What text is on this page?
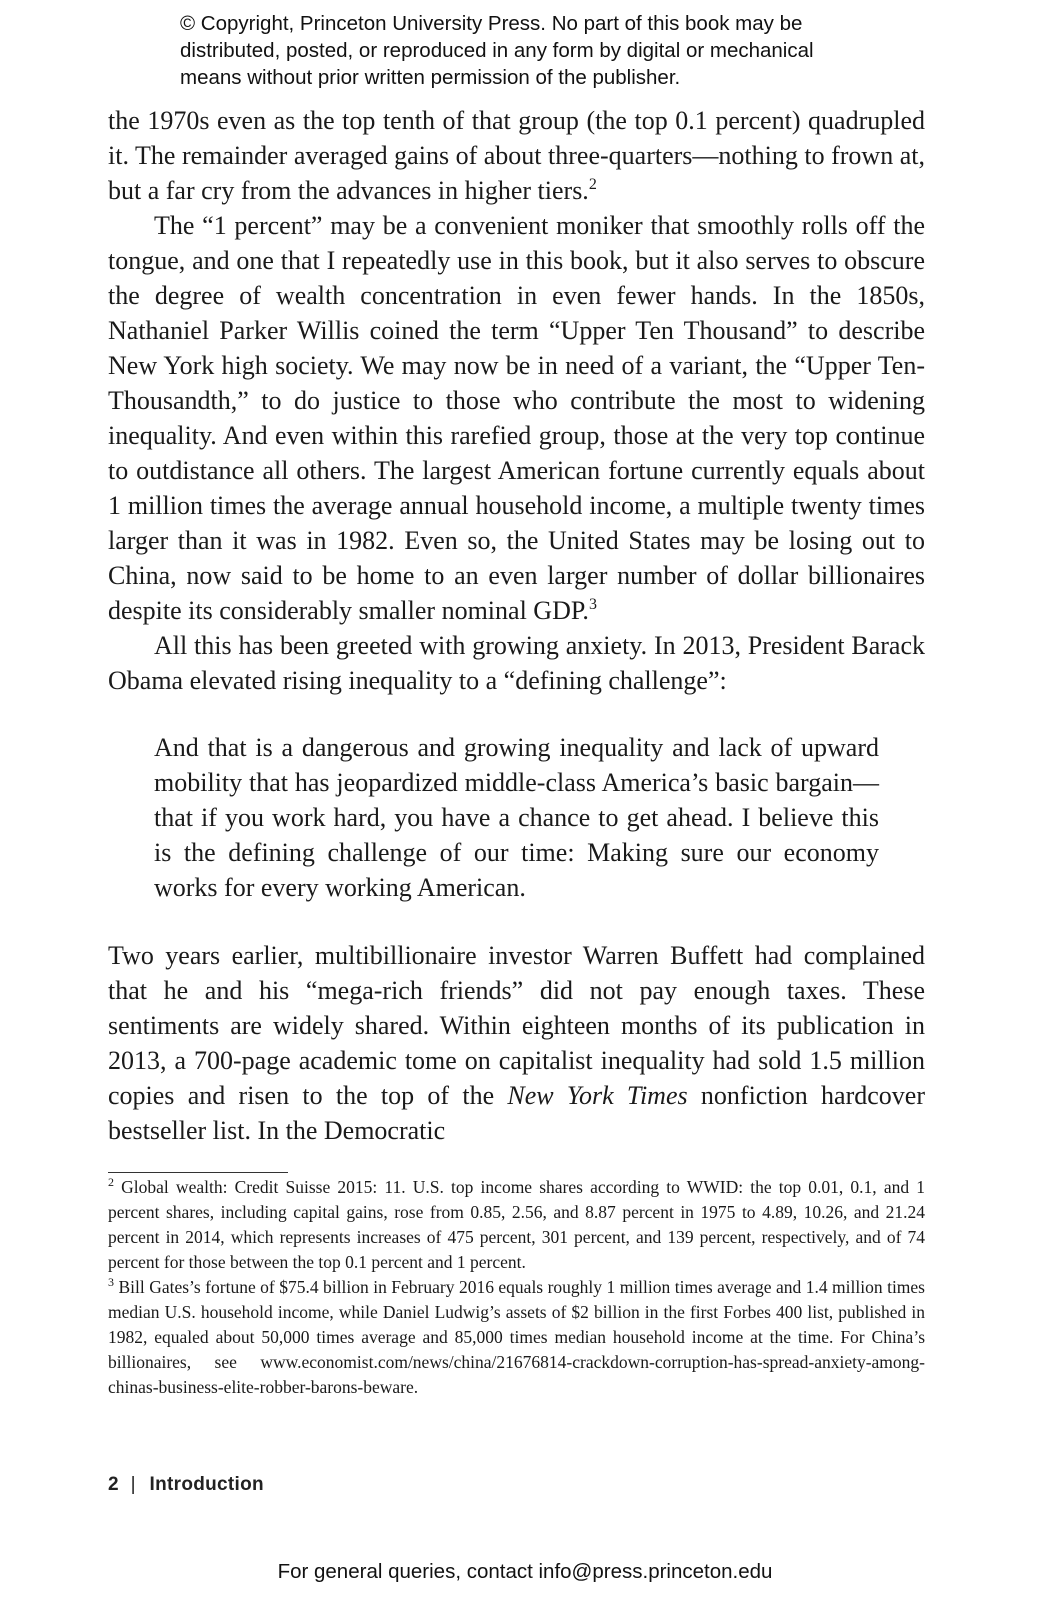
© Copyright, Princeton University Press. No part of this book may be
distributed, posted, or reproduced in any form by digital or mechanical
means without prior written permission of the publisher.

the 1970s even as the top tenth of that group (the top 0.1 percent) quadrupled it. The remainder averaged gains of about three-quarters—nothing to frown at, but a far cry from the advances in higher tiers.$^2$

The “1 percent” may be a convenient moniker that smoothly rolls off the tongue, and one that I repeatedly use in this book, but it also serves to obscure the degree of wealth concentration in even fewer hands. In the 1850s, Nathaniel Parker Willis coined the term “Upper Ten Thousand” to describe New York high society. We may now be in need of a variant, the “Upper Ten-Thousandth,” to do justice to those who contribute the most to widening inequality. And even within this rarefied group, those at the very top continue to outdistance all others. The largest American fortune currently equals about 1 million times the average annual household income, a multiple twenty times larger than it was in 1982. Even so, the United States may be losing out to China, now said to be home to an even larger number of dollar billionaires despite its considerably smaller nominal GDP.$^3$

All this has been greeted with growing anxiety. In 2013, President Barack Obama elevated rising inequality to a “defining challenge”:

And that is a dangerous and growing inequality and lack of upward mobility that has jeopardized middle-class America’s basic bargain—that if you work hard, you have a chance to get ahead. I believe this is the defining challenge of our time: Making sure our economy works for every working American.

Two years earlier, multibillionaire investor Warren Buffett had complained that he and his “mega-rich friends” did not pay enough taxes. These sentiments are widely shared. Within eighteen months of its publication in 2013, a 700-page academic tome on capitalist inequality had sold 1.5 million copies and risen to the top of the New York Times nonfiction hardcover bestseller list. In the Democratic

$^2$ Global wealth: Credit Suisse 2015: 11. U.S. top income shares according to WWID: the top 0.01, 0.1, and 1 percent shares, including capital gains, rose from 0.85, 2.56, and 8.87 percent in 1975 to 4.89, 10.26, and 21.24 percent in 2014, which represents increases of 475 percent, 301 percent, and 139 percent, respectively, and of 74 percent for those between the top 0.1 percent and 1 percent.

$^3$ Bill Gates’s fortune of $75.4 billion in February 2016 equals roughly 1 million times average and 1.4 million times median U.S. household income, while Daniel Ludwig’s assets of $2 billion in the first Forbes 400 list, published in 1982, equaled about 50,000 times average and 85,000 times median household income at the time. For China’s billionaires, see www.economist.com/news/china/21676814-crackdown-corruption-has-spread-anxiety-among-chinas-business-elite-robber-barons-beware.

2 | Introduction
For general queries, contact info@press.princeton.edu
